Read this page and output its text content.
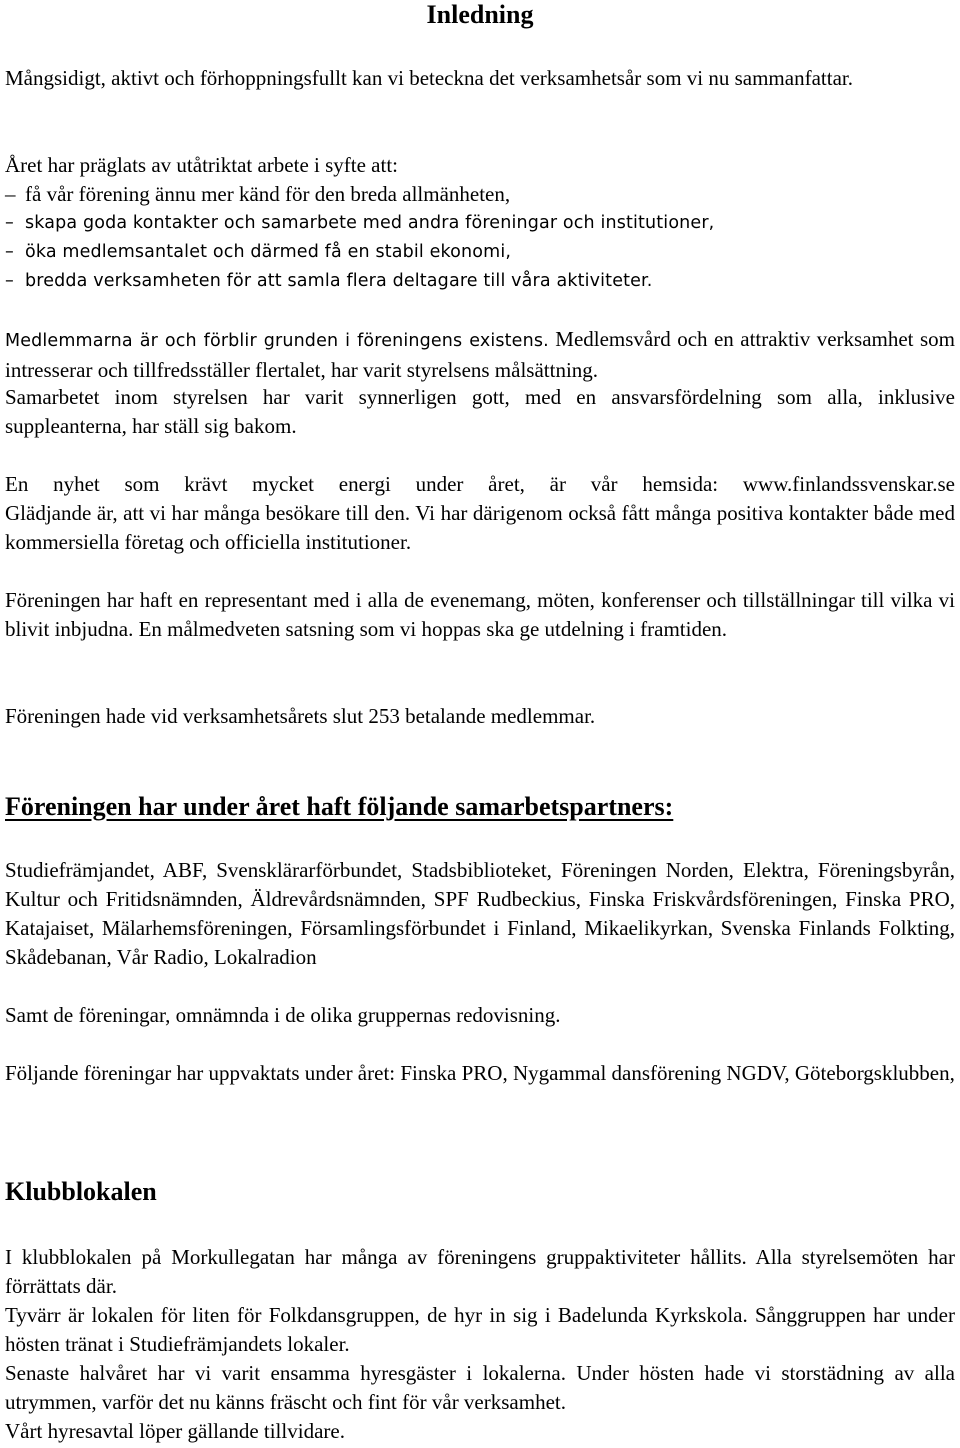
Inledning

Mångsidigt, aktivt och förhoppningsfullt kan vi beteckna det verksamhetsår som vi nu sammanfattar.

Året har präglats av utåtriktat arbete i syfte att:
– få vår förening ännu mer känd för den breda allmänheten,
– skapa goda kontakter och samarbete med andra föreningar och institutioner,
– öka medlemsantalet och därmed få en stabil ekonomi,
– bredda verksamheten för att samla flera deltagare till våra aktiviteter.

Medlemmarna är och förblir grunden i föreningens existens. Medlemsvård och en attraktiv verksamhet som intresserar och tillfredsställer flertalet, har varit styrelsens målsättning.

Samarbetet inom styrelsen har varit synnerligen gott, med en ansvarsfördelning som alla, inklusive suppleanterna, har ställ sig bakom.

En nyhet som krävt mycket energi under året, är vår hemsida: www.finlandssvenskar.se
Glädjande är, att vi har många besökare till den. Vi har därigenom också fått många positiva kontakter både med kommersiella företag och officiella institutioner.

Föreningen har haft en representant med i alla de evenemang, möten, konferenser och tillställningar till vilka vi blivit inbjudna. En målmedveten satsning som vi hoppas ska ge utdelning i framtiden.

Föreningen hade vid verksamhetsårets slut 253 betalande medlemmar.

Föreningen har under året haft följande samarbetspartners:

Studiefrämjandet, ABF, Svensklärarförbundet, Stadsbiblioteket, Föreningen Norden, Elektra, Föreningsbyrån, Kultur och Fritidsnämnden, Äldrevårdsnämnden, SPF Rudbeckius, Finska Friskvårdsföreningen, Finska PRO, Katajaiset, Mälarhemsföreningen, Församlingsförbundet i Finland, Mikaelikyrkan, Svenska Finlands Folkting, Skådebanan, Vår Radio, Lokalradion

Samt de föreningar, omnämnda i de olika gruppernas redovisning.

Följande föreningar har uppvaktats under året: Finska PRO, Nygammal dansförening NGDV, Göteborgsklubben,

Klubblokalen
I klubblokalen på Morkullegatan har många av föreningens gruppaktiviteter hållits. Alla styrelsemöten har förrättats där.
Tyvärr är lokalen för liten för Folkdansgruppen, de hyr in sig i Badelunda Kyrkskola. Sånggruppen har under hösten tränat i Studiefrämjandets lokaler.
Senaste halvåret har vi varit ensamma hyresgäster i lokalerna. Under hösten hade vi storstädning av alla utrymmen, varför det nu känns fräscht och fint för vår verksamhet.
Vårt hyresavtal löper gällande tillvidare.
